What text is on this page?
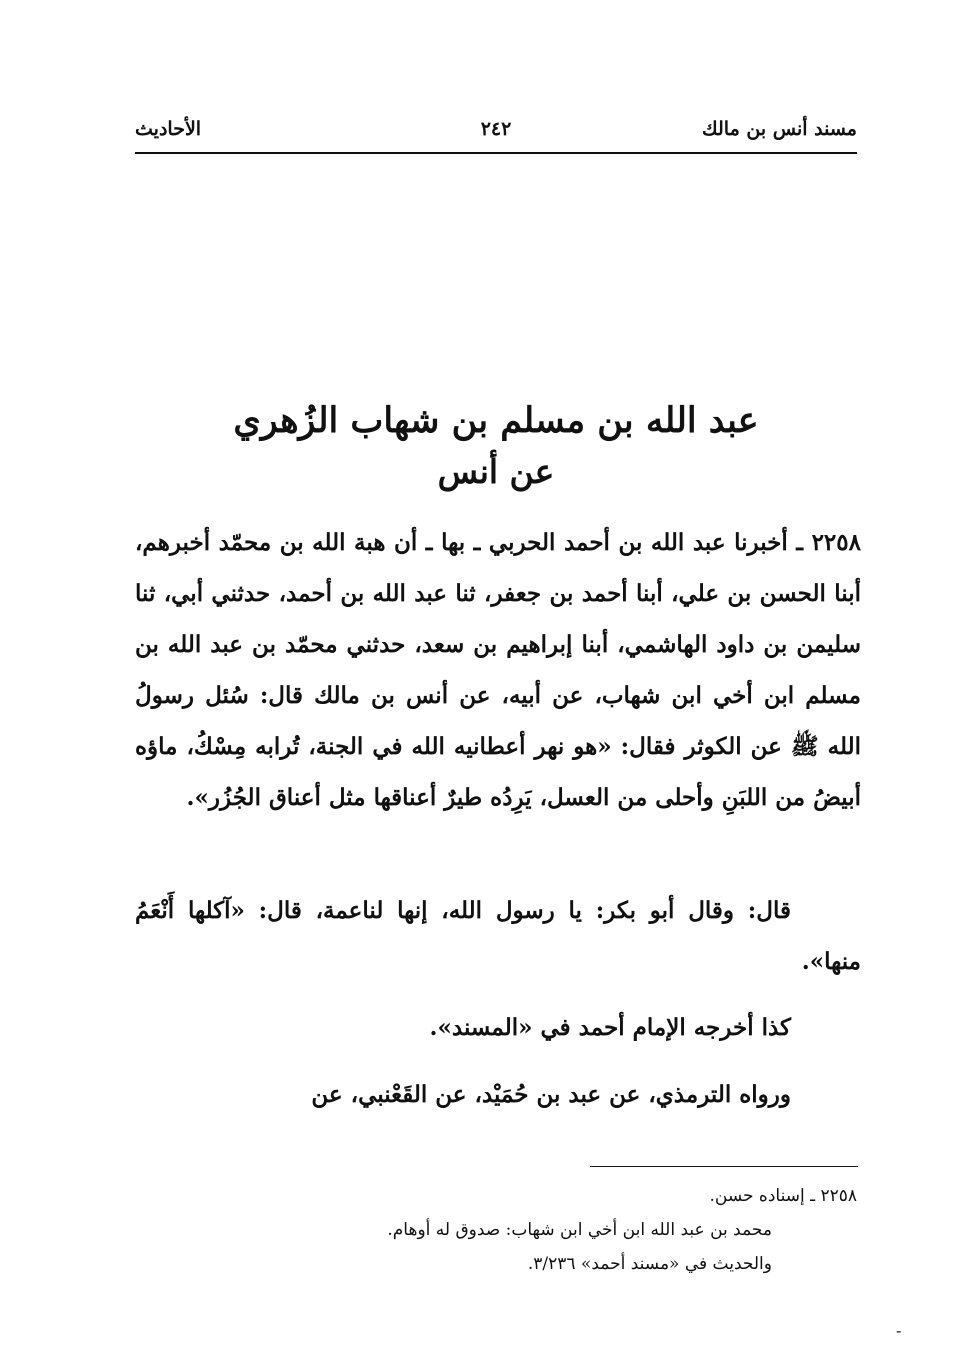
مسند أنس بن مالك
٢٤٢
الأحاديث
عبد الله بن مسلم بن شهاب الزُهري
عن أنس
٢٢٥٨ ـ أخبرنا عبد الله بن أحمد الحربي ـ بها ـ أن هبة الله بن محمّد أخبرهم، أبنا الحسن بن علي، أبنا أحمد بن جعفر، ثنا عبد الله بن أحمد، حدثني أبي، ثنا سليمن بن داود الهاشمي، أبنا إبراهيم بن سعد، حدثني محمّد بن عبد الله بن مسلم ابن أخي ابن شهاب، عن أبيه، عن أنس بن مالك قال: سُئل رسولُ الله ﷺ عن الكوثر فقال: «هو نهر أعطانيه الله في الجنة، تُرابه مِسْكُ، ماؤه أبيضُ من اللبَنِ وأحلى من العسل، يَرِدُه طيرٌ أعناقها مثل أعناق الجُزُر».
قال: وقال أبو بكر: يا رسول الله، إنها لناعمة، قال: «آكلها أَنْعَمُ منها».
كذا أخرجه الإمام أحمد في «المسند».
ورواه الترمذي، عن عبد بن حُمَيْد، عن القَعْنبي، عن
٢٢٥٨ ـ إسناده حسن.
محمد بن عبد الله ابن أخي ابن شهاب: صدوق له أوهام.
والحديث في «مسند أحمد» ٣/٢٣٦.
-
